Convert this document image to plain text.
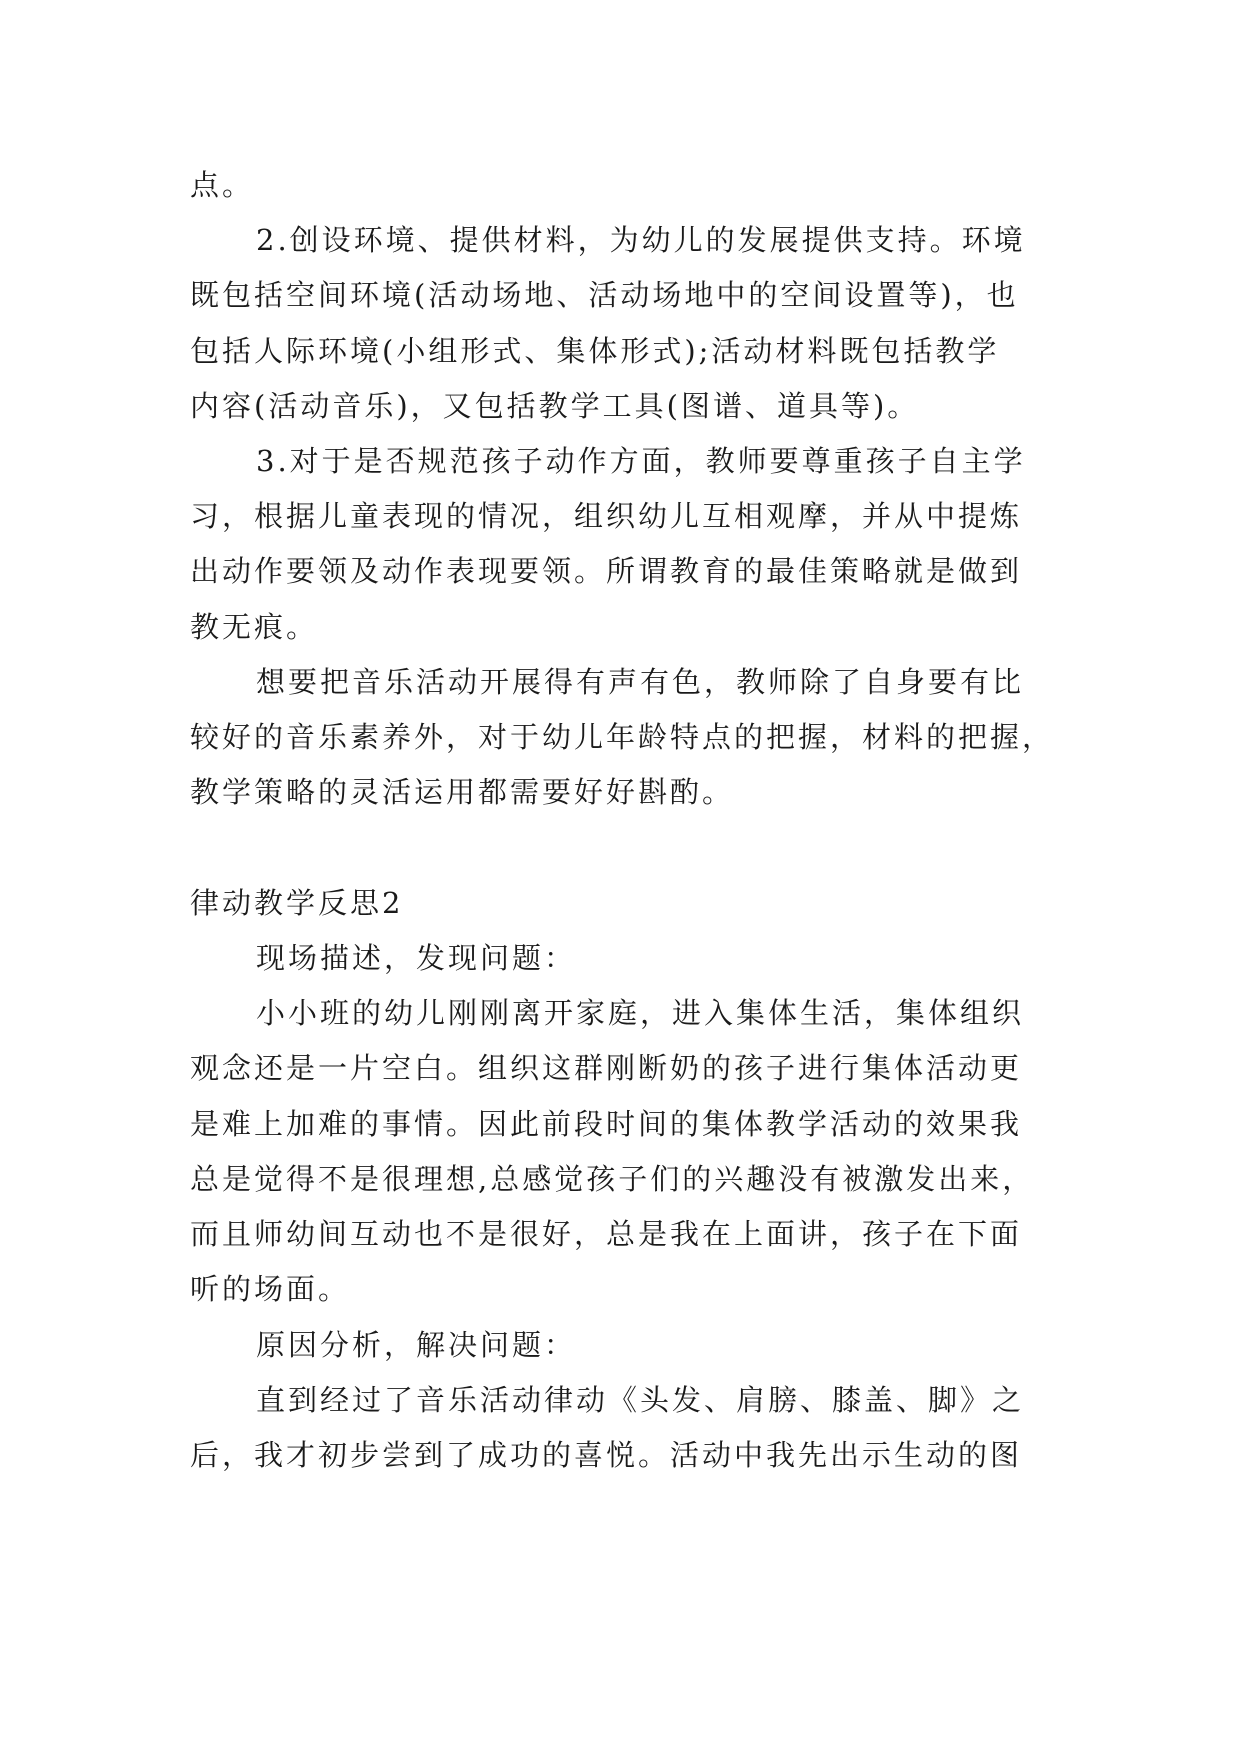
点。
2.创设环境、提供材料，为幼儿的发展提供支持。环境
既包括空间环境(活动场地、活动场地中的空间设置等)，也
包括人际环境(小组形式、集体形式);活动材料既包括教学
内容(活动音乐)，又包括教学工具(图谱、道具等)。
3.对于是否规范孩子动作方面，教师要尊重孩子自主学
习，根据儿童表现的情况，组织幼儿互相观摩，并从中提炼
出动作要领及动作表现要领。所谓教育的最佳策略就是做到
教无痕。
想要把音乐活动开展得有声有色，教师除了自身要有比
较好的音乐素养外，对于幼儿年龄特点的把握，材料的把握，
教学策略的灵活运用都需要好好斟酌。
律动教学反思2
现场描述，发现问题：
小小班的幼儿刚刚离开家庭，进入集体生活，集体组织
观念还是一片空白。组织这群刚断奶的孩子进行集体活动更
是难上加难的事情。因此前段时间的集体教学活动的效果我
总是觉得不是很理想,总感觉孩子们的兴趣没有被激发出来，
而且师幼间互动也不是很好，总是我在上面讲，孩子在下面
听的场面。
原因分析，解决问题：
直到经过了音乐活动律动《头发、肩膀、膝盖、脚》之
后，我才初步尝到了成功的喜悦。活动中我先出示生动的图
